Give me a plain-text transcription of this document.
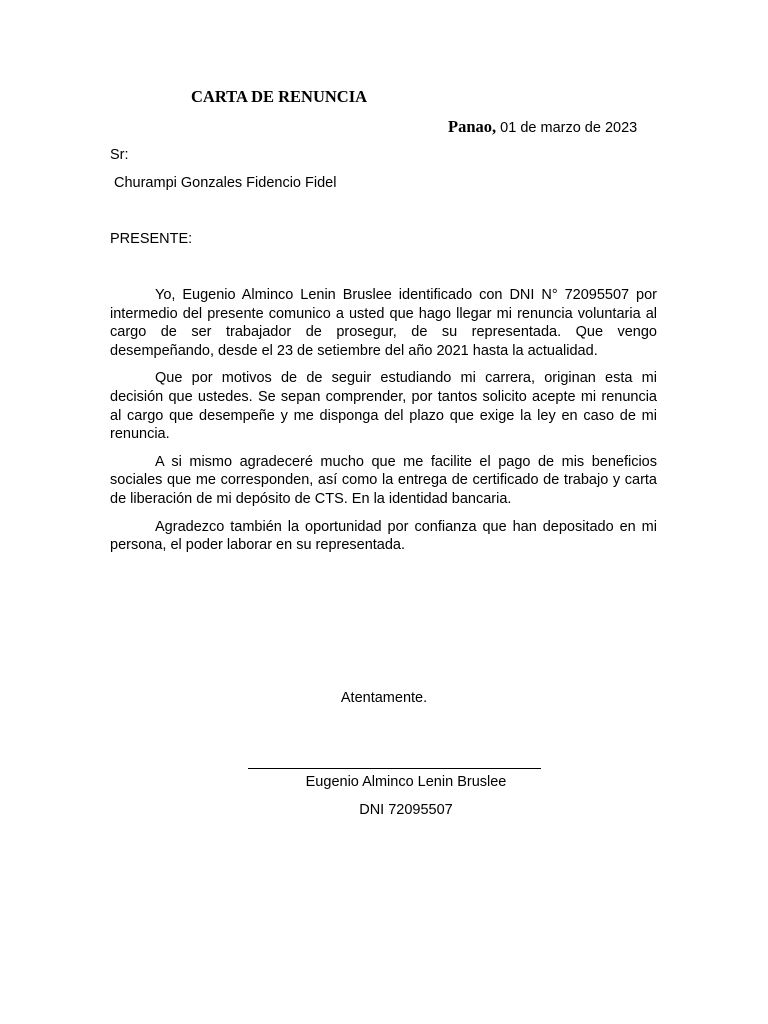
CARTA DE RENUNCIA
Panao, 01 de marzo de 2023
Sr:
Churampi Gonzales Fidencio Fidel
PRESENTE:

Yo, Eugenio Alminco Lenin Bruslee identificado con DNI N° 72095507 por intermedio del presente comunico a usted que hago llegar mi renuncia voluntaria al cargo de ser trabajador de prosegur, de su representada. Que vengo desempeñando, desde el 23 de setiembre del año 2021 hasta la actualidad.

Que por motivos de de seguir estudiando mi carrera, originan esta mi decisión que ustedes. Se sepan comprender, por tantos solicito acepte mi renuncia al cargo que desempeñe y me disponga del plazo que exige la ley en caso de mi renuncia.

A si mismo agradeceré mucho que me facilite el pago de mis beneficios sociales que me corresponden, así como la entrega de certificado de trabajo y carta de liberación de mi depósito de CTS. En la identidad bancaria.

Agradezco también la oportunidad por confianza que han depositado en mi persona, el poder laborar en su representada.

Atentamente.
Eugenio Alminco Lenin Bruslee
DNI 72095507
